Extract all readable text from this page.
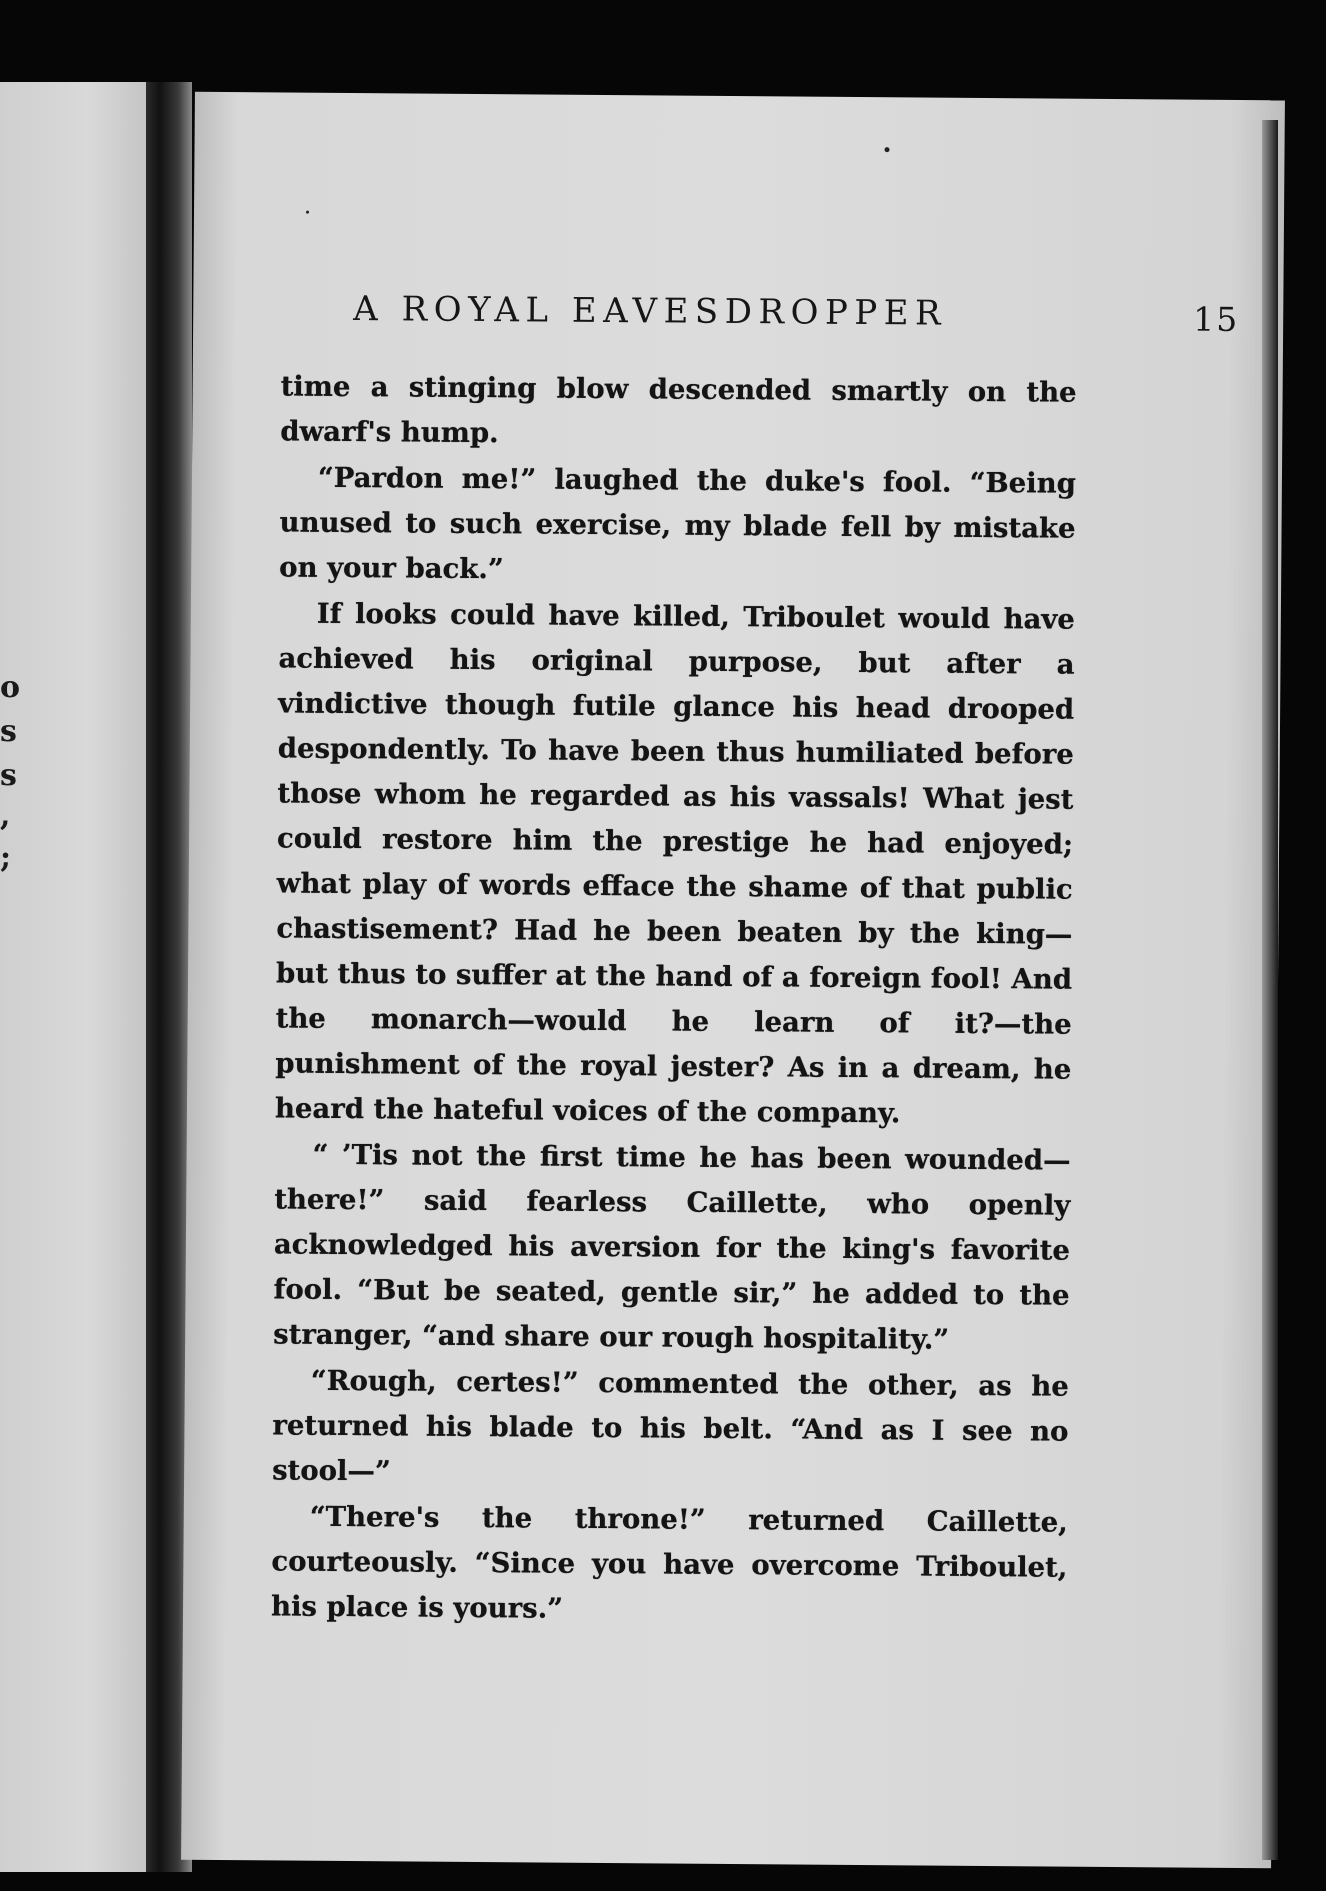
o
s
s
,
;
A ROYAL EAVESDROPPER	15

time a stinging blow descended smartly on the dwarf's hump.

“Pardon me!” laughed the duke's fool. “Being unused to such exercise, my blade fell by mistake on your back.”

If looks could have killed, Triboulet would have achieved his original purpose, but after a vindictive though futile glance his head drooped despondently. To have been thus humiliated before those whom he regarded as his vassals! What jest could restore him the prestige he had enjoyed; what play of words efface the shame of that public chastisement? Had he been beaten by the king—but thus to suffer at the hand of a foreign fool! And the monarch—would he learn of it?—the punishment of the royal jester? As in a dream, he heard the hateful voices of the company.

“ ’Tis not the first time he has been wounded—there!” said fearless Caillette, who openly acknowledged his aversion for the king's favorite fool. “But be seated, gentle sir,” he added to the stranger, “and share our rough hospitality.”

“Rough, certes!” commented the other, as he returned his blade to his belt. “And as I see no stool—”

“There's the throne!” returned Caillette, courteously. “Since you have overcome Triboulet, his place is yours.”
